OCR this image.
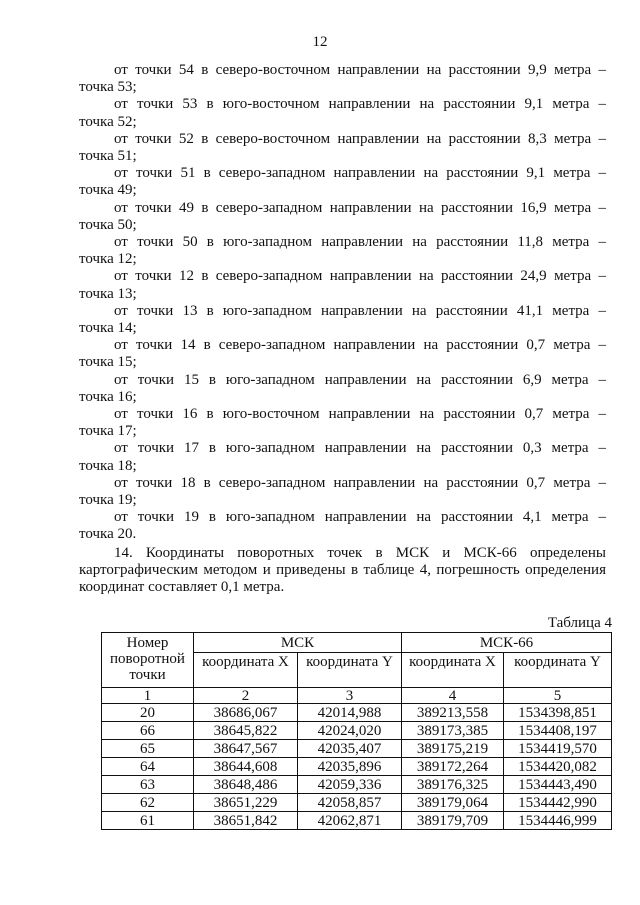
12

от точки 54 в северо-восточном направлении на расстоянии 9,9 метра –

точка 53;

от точки 53 в юго-восточном направлении на расстоянии 9,1 метра –

точка 52;

от точки 52 в северо-восточном направлении на расстоянии 8,3 метра –

точка 51;

от точки 51 в северо-западном направлении на расстоянии 9,1 метра –

точка 49;

от точки 49 в северо-западном направлении на расстоянии 16,9 метра –

точка 50;

от точки 50 в юго-западном направлении на расстоянии 11,8 метра –

точка 12;

от точки 12 в северо-западном направлении на расстоянии 24,9 метра –

точка 13;

от точки 13 в юго-западном направлении на расстоянии 41,1 метра –

точка 14;

от точки 14 в северо-западном направлении на расстоянии 0,7 метра –

точка 15;

от точки 15 в юго-западном направлении на расстоянии 6,9 метра –

точка 16;

от точки 16 в юго-восточном направлении на расстоянии 0,7 метра –

точка 17;

от точки 17 в юго-западном направлении на расстоянии 0,3 метра –

точка 18;

от точки 18 в северо-западном направлении на расстоянии 0,7 метра –

точка 19;

от точки 19 в юго-западном направлении на расстоянии 4,1 метра –

точка 20.

14. Координаты поворотных точек в МСК и МСК-66 определены
картографическим методом и приведены в таблице 4, погрешность определения
координат составляет 0,1 метра.
Таблица 4
Номер поворотной точки	МСК		МСК-66	
	координата X	координата Y	координата X	координата Y
1	2	3	4	5
20	38686,067	42014,988	389213,558	1534398,851
66	38645,822	42024,020	389173,385	1534408,197
65	38647,567	42035,407	389175,219	1534419,570
64	38644,608	42035,896	389172,264	1534420,082
63	38648,486	42059,336	389176,325	1534443,490
62	38651,229	42058,857	389179,064	1534442,990
61	38651,842	42062,871	389179,709	1534446,999
